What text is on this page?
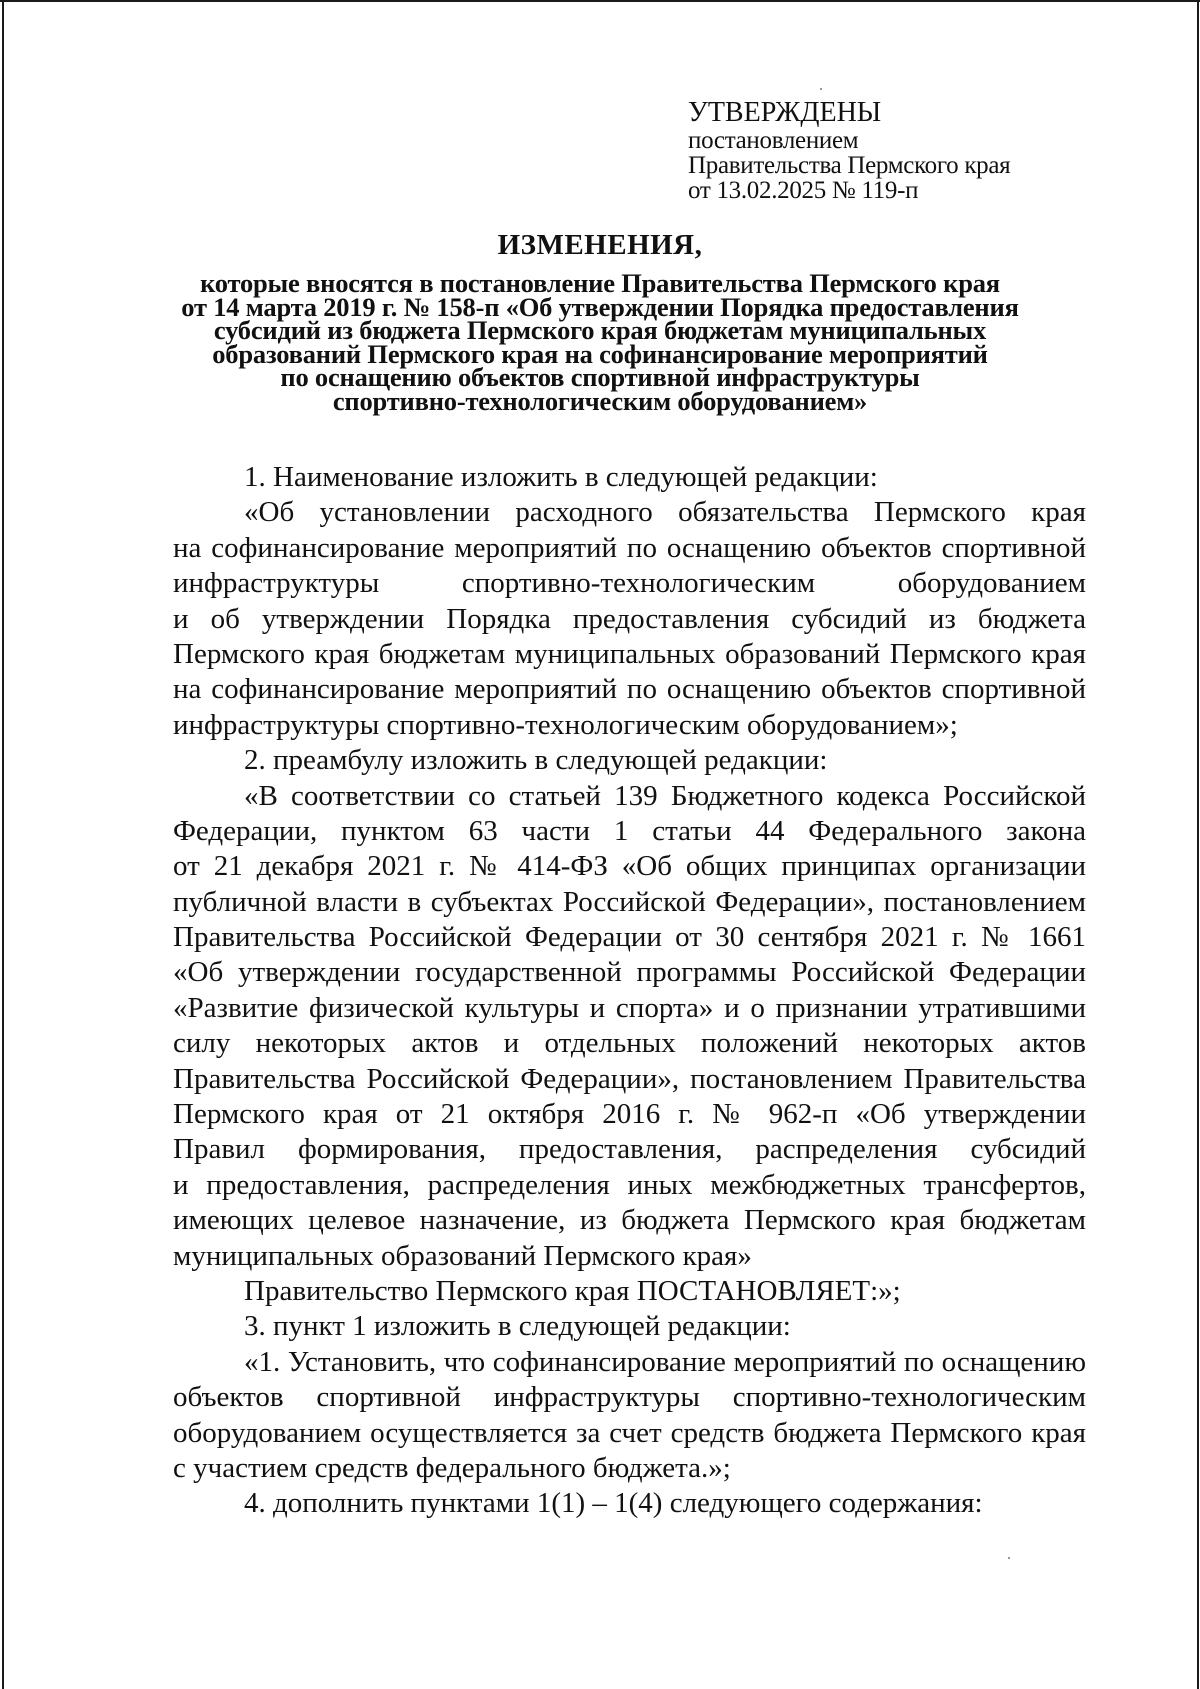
УТВЕРЖДЕНЫ
постановлением
Правительства Пермского края
от 13.02.2025 № 119-п
ИЗМЕНЕНИЯ,
которые вносятся в постановление Правительства Пермского края
от 14 марта 2019 г. № 158-п «Об утверждении Порядка предоставления
субсидий из бюджета Пермского края бюджетам муниципальных
образований Пермского края на софинансирование мероприятий
по оснащению объектов спортивной инфраструктуры
спортивно-технологическим оборудованием»
1. Наименование изложить в следующей редакции:
«Об установлении расходного обязательства Пермского края
на софинансирование мероприятий по оснащению объектов спортивной
инфраструктуры спортивно-технологическим оборудованием
и об утверждении Порядка предоставления субсидий из бюджета
Пермского края бюджетам муниципальных образований Пермского края
на софинансирование мероприятий по оснащению объектов спортивной
инфраструктуры спортивно-технологическим оборудованием»;
2. преамбулу изложить в следующей редакции:
«В соответствии со статьей 139 Бюджетного кодекса Российской
Федерации, пунктом 63 части 1 статьи 44 Федерального закона
от 21 декабря 2021 г. № 414-ФЗ «Об общих принципах организации
публичной власти в субъектах Российской Федерации», постановлением
Правительства Российской Федерации от 30 сентября 2021 г. № 1661
«Об утверждении государственной программы Российской Федерации
«Развитие физической культуры и спорта» и о признании утратившими
силу некоторых актов и отдельных положений некоторых актов
Правительства Российской Федерации», постановлением Правительства
Пермского края от 21 октября 2016 г. № 962-п «Об утверждении
Правил формирования, предоставления, распределения субсидий
и предоставления, распределения иных межбюджетных трансфертов,
имеющих целевое назначение, из бюджета Пермского края бюджетам
муниципальных образований Пермского края»
Правительство Пермского края ПОСТАНОВЛЯЕТ:»;
3. пункт 1 изложить в следующей редакции:
«1. Установить, что софинансирование мероприятий по оснащению
объектов спортивной инфраструктуры спортивно-технологическим
оборудованием осуществляется за счет средств бюджета Пермского края
с участием средств федерального бюджета.»;
4. дополнить пунктами 1(1) – 1(4) следующего содержания:
